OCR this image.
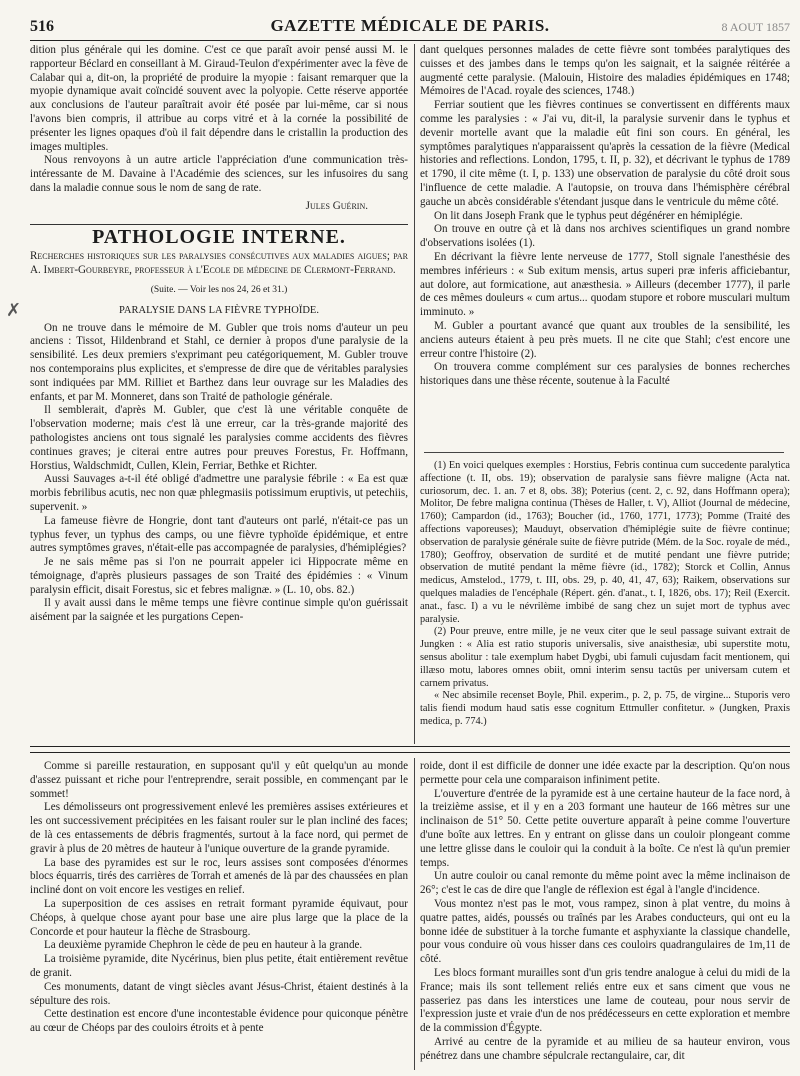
516	GAZETTE MÉDICALE DE PARIS.	8 AOUT 1857
✗

dition plus générale qui les domine. C'est ce que paraît avoir pensé aussi M. le rapporteur Béclard en conseillant à M. Giraud-Teulon d'expérimenter avec la fève de Calabar qui a, dit-on, la propriété de produire la myopie : faisant remarquer que la myopie dynamique avait coïncidé souvent avec la polyopie. Cette réserve apportée aux conclusions de l'auteur paraîtrait avoir été posée par lui-même, car si nous l'avons bien compris, il attribue au corps vitré et à la cornée la possibilité de présenter les lignes opaques d'où il fait dépendre dans le cristallin la production des images multiples.

Nous renvoyons à un autre article l'appréciation d'une communication très-intéressante de M. Davaine à l'Académie des sciences, sur les infusoires du sang dans la maladie connue sous le nom de sang de rate.

Jules Guérin.

PATHOLOGIE INTERNE.

Recherches historiques sur les paralysies consécutives aux maladies aigues; par A. Imbert-Gourbeyre, professeur à l'Ecole de médecine de Clermont-Ferrand.

(Suite. — Voir les nos 24, 26 et 31.)

PARALYSIE DANS LA FIÈVRE TYPHOÏDE.

On ne trouve dans le mémoire de M. Gubler que trois noms d'auteur un peu anciens : Tissot, Hildenbrand et Stahl, ce dernier à propos d'une paralysie de la sensibilité. Les deux premiers s'exprimant peu catégoriquement, M. Gubler trouve nos contemporains plus explicites, et s'empresse de dire que de véritables paralysies sont indiquées par MM. Rilliet et Barthez dans leur ouvrage sur les Maladies des enfants, et par M. Monneret, dans son Traité de pathologie générale.

Il semblerait, d'après M. Gubler, que c'est là une véritable conquête de l'observation moderne; mais c'est là une erreur, car la très-grande majorité des pathologistes anciens ont tous signalé les paralysies comme accidents des fièvres continues graves; je citerai entre autres pour preuves Forestus, Fr. Hoffmann, Horstius, Waldschmidt, Cullen, Klein, Ferriar, Bethke et Richter.

Aussi Sauvages a-t-il été obligé d'admettre une paralysie fébrile : « Ea est quæ morbis febrilibus acutis, nec non quæ phlegmasiis potissimum eruptivis, ut petechiis, supervenit. »

La fameuse fièvre de Hongrie, dont tant d'auteurs ont parlé, n'était-ce pas un typhus fever, un typhus des camps, ou une fièvre typhoïde épidémique, et entre autres symptômes graves, n'était-elle pas accompagnée de paralysies, d'hémiplégies?

Je ne sais même pas si l'on ne pourrait appeler ici Hippocrate même en témoignage, d'après plusieurs passages de son Traité des épidémies : « Vinum paralysin efficit, disait Forestus, sic et febres malignæ. » (L. 10, obs. 82.)

Il y avait aussi dans le même temps une fièvre continue simple qu'on guérissait aisément par la saignée et les purgations Cepen-

dant quelques personnes malades de cette fièvre sont tombées paralytiques des cuisses et des jambes dans le temps qu'on les saignait, et la saignée réitérée a augmenté cette paralysie. (Malouin, Histoire des maladies épidémiques en 1748; Mémoires de l'Acad. royale des sciences, 1748.)

Ferriar soutient que les fièvres continues se convertissent en différents maux comme les paralysies : « J'ai vu, dit-il, la paralysie survenir dans le typhus et devenir mortelle avant que la maladie eût fini son cours. En général, les symptômes paralytiques n'apparaissent qu'après la cessation de la fièvre (Medical histories and reflections. London, 1795, t. II, p. 32), et décrivant le typhus de 1789 et 1790, il cite même (t. I, p. 133) une observation de paralysie du côté droit sous l'influence de cette maladie. A l'autopsie, on trouva dans l'hémisphère cérébral gauche un abcès considérable s'étendant jusque dans le ventricule du même côté.

On lit dans Joseph Frank que le typhus peut dégénérer en hémiplégie.

On trouve en outre çà et là dans nos archives scientifiques un grand nombre d'observations isolées (1).

En décrivant la fièvre lente nerveuse de 1777, Stoll signale l'anesthésie des membres inférieurs : « Sub exitum mensis, artus superi præ inferis afficiebantur, aut dolore, aut formicatione, aut anæsthesia. » Ailleurs (december 1777), il parle de ces mêmes douleurs « cum artus... quodam stupore et robore musculari multum imminuto. »

M. Gubler a pourtant avancé que quant aux troubles de la sensibilité, les anciens auteurs étaient à peu près muets. Il ne cite que Stahl; c'est encore une erreur contre l'histoire (2).

On trouvera comme complément sur ces paralysies de bonnes recherches historiques dans une thèse récente, soutenue à la Faculté

(1) En voici quelques exemples : Horstius, Febris continua cum succedente paralytica affectione (t. II, obs. 19); observation de paralysie sans fièvre maligne (Acta nat. curiosorum, dec. 1. an. 7 et 8, obs. 38); Poterius (cent. 2, c. 92, dans Hoffmann opera); Molitor, De febre maligna continua (Thèses de Haller, t. V), Alliot (Journal de médecine, 1760); Campardon (id., 1763); Boucher (id., 1760, 1771, 1773); Pomme (Traité des affections vaporeuses); Mauduyt, observation d'hémiplégie suite de fièvre continue; observation de paralysie générale suite de fièvre putride (Mém. de la Soc. royale de méd., 1780); Geoffroy, observation de surdité et de mutité pendant une fièvre putride; observation de mutité pendant la même fièvre (id., 1782); Storck et Collin, Annus medicus, Amstelod., 1779, t. III, obs. 29, p. 40, 41, 47, 63); Raikem, observations sur quelques maladies de l'encéphale (Répert. gén. d'anat., t. I, 1826, obs. 17); Reil (Exercit. anat., fasc. I) a vu le névrilème imbibé de sang chez un sujet mort de typhus avec paralysie.

(2) Pour preuve, entre mille, je ne veux citer que le seul passage suivant extrait de Jungken : « Alia est ratio stuporis universalis, sive anaisthesiæ, ubi superstite motu, sensus abolitur : tale exemplum habet Dygbi, ubi famuli cujusdam facit mentionem, qui illæso motu, labores omnes obiit, omni interim sensu tactûs per universam cutem et carnem privatus.

« Nec absimile recenset Boyle, Phil. experim., p. 2, p. 75, de virgine... Stuporis vero talis fiendi modum haud satis esse cognitum Ettmuller confitetur. » (Jungken, Praxis medica, p. 774.)

Comme si pareille restauration, en supposant qu'il y eût quelqu'un au monde d'assez puissant et riche pour l'entreprendre, serait possible, en commençant par le sommet!

Les démolisseurs ont progressivement enlevé les premières assises extérieures et les ont successivement précipitées en les faisant rouler sur le plan incliné des faces; de là ces entassements de débris fragmentés, surtout à la face nord, qui permet de gravir à plus de 20 mètres de hauteur à l'unique ouverture de la grande pyramide.

La base des pyramides est sur le roc, leurs assises sont composées d'énormes blocs équarris, tirés des carrières de Torrah et amenés de là par des chaussées en plan incliné dont on voit encore les vestiges en relief.

La superposition de ces assises en retrait formant pyramide équivaut, pour Chéops, à quelque chose ayant pour base une aire plus large que la place de la Concorde et pour hauteur la flèche de Strasbourg.

La deuxième pyramide Chephron le cède de peu en hauteur à la grande.

La troisième pyramide, dite Nycérinus, bien plus petite, était entièrement revêtue de granit.

Ces monuments, datant de vingt siècles avant Jésus-Christ, étaient destinés à la sépulture des rois.

Cette destination est encore d'une incontestable évidence pour quiconque pénètre au cœur de Chéops par des couloirs étroits et à pente

roide, dont il est difficile de donner une idée exacte par la description. Qu'on nous permette pour cela une comparaison infiniment petite.

L'ouverture d'entrée de la pyramide est à une certaine hauteur de la face nord, à la treizième assise, et il y en a 203 formant une hauteur de 166 mètres sur une inclinaison de 51° 50. Cette petite ouverture apparaît à peine comme l'ouverture d'une boîte aux lettres. En y entrant on glisse dans un couloir plongeant comme une lettre glisse dans le couloir qui la conduit à la boîte. Ce n'est là qu'un premier temps.

Un autre couloir ou canal remonte du même point avec la même inclinaison de 26°; c'est le cas de dire que l'angle de réflexion est égal à l'angle d'incidence.

Vous montez n'est pas le mot, vous rampez, sinon à plat ventre, du moins à quatre pattes, aidés, poussés ou traînés par les Arabes conducteurs, qui ont eu la bonne idée de substituer à la torche fumante et asphyxiante la classique chandelle, pour vous conduire où vous hisser dans ces couloirs quadrangulaires de 1m,11 de côté.

Les blocs formant murailles sont d'un gris tendre analogue à celui du midi de la France; mais ils sont tellement reliés entre eux et sans ciment que vous ne passeriez pas dans les interstices une lame de couteau, pour nous servir de l'expression juste et vraie d'un de nos prédécesseurs en cette exploration et membre de la commission d'Égypte.

Arrivé au centre de la pyramide et au milieu de sa hauteur environ, vous pénétrez dans une chambre sépulcrale rectangulaire, car, dit
